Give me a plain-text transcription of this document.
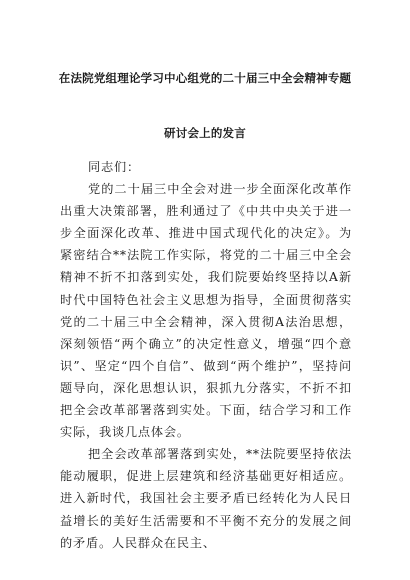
在法院党组理论学习中心组党的二十届三中全会精神专题
研讨会上的发言

同志们：

党的二十届三中全会对进一步全面深化改革作出重大决策部署，胜利通过了《中共中央关于进一步全面深化改革、推进中国式现代化的决定》。为紧密结合**法院工作实际，将党的二十届三中全会精神不折不扣落到实处，我们院要始终坚持以A新时代中国特色社会主义思想为指导，全面贯彻落实党的二十届三中全会精神，深入贯彻A法治思想，深刻领悟“两个确立”的决定性意义，增强“四个意识”、坚定“四个自信”、做到“两个维护”，坚持问题导向，深化思想认识，狠抓九分落实，不折不扣把全会改革部署落到实处。下面，结合学习和工作实际，我谈几点体会。

把全会改革部署落到实处，**法院要坚持依法能动履职，促进上层建筑和经济基础更好相适应。进入新时代，我国社会主要矛盾已经转化为人民日益增长的美好生活需要和不平衡不充分的发展之间的矛盾。人民群众在民主、
